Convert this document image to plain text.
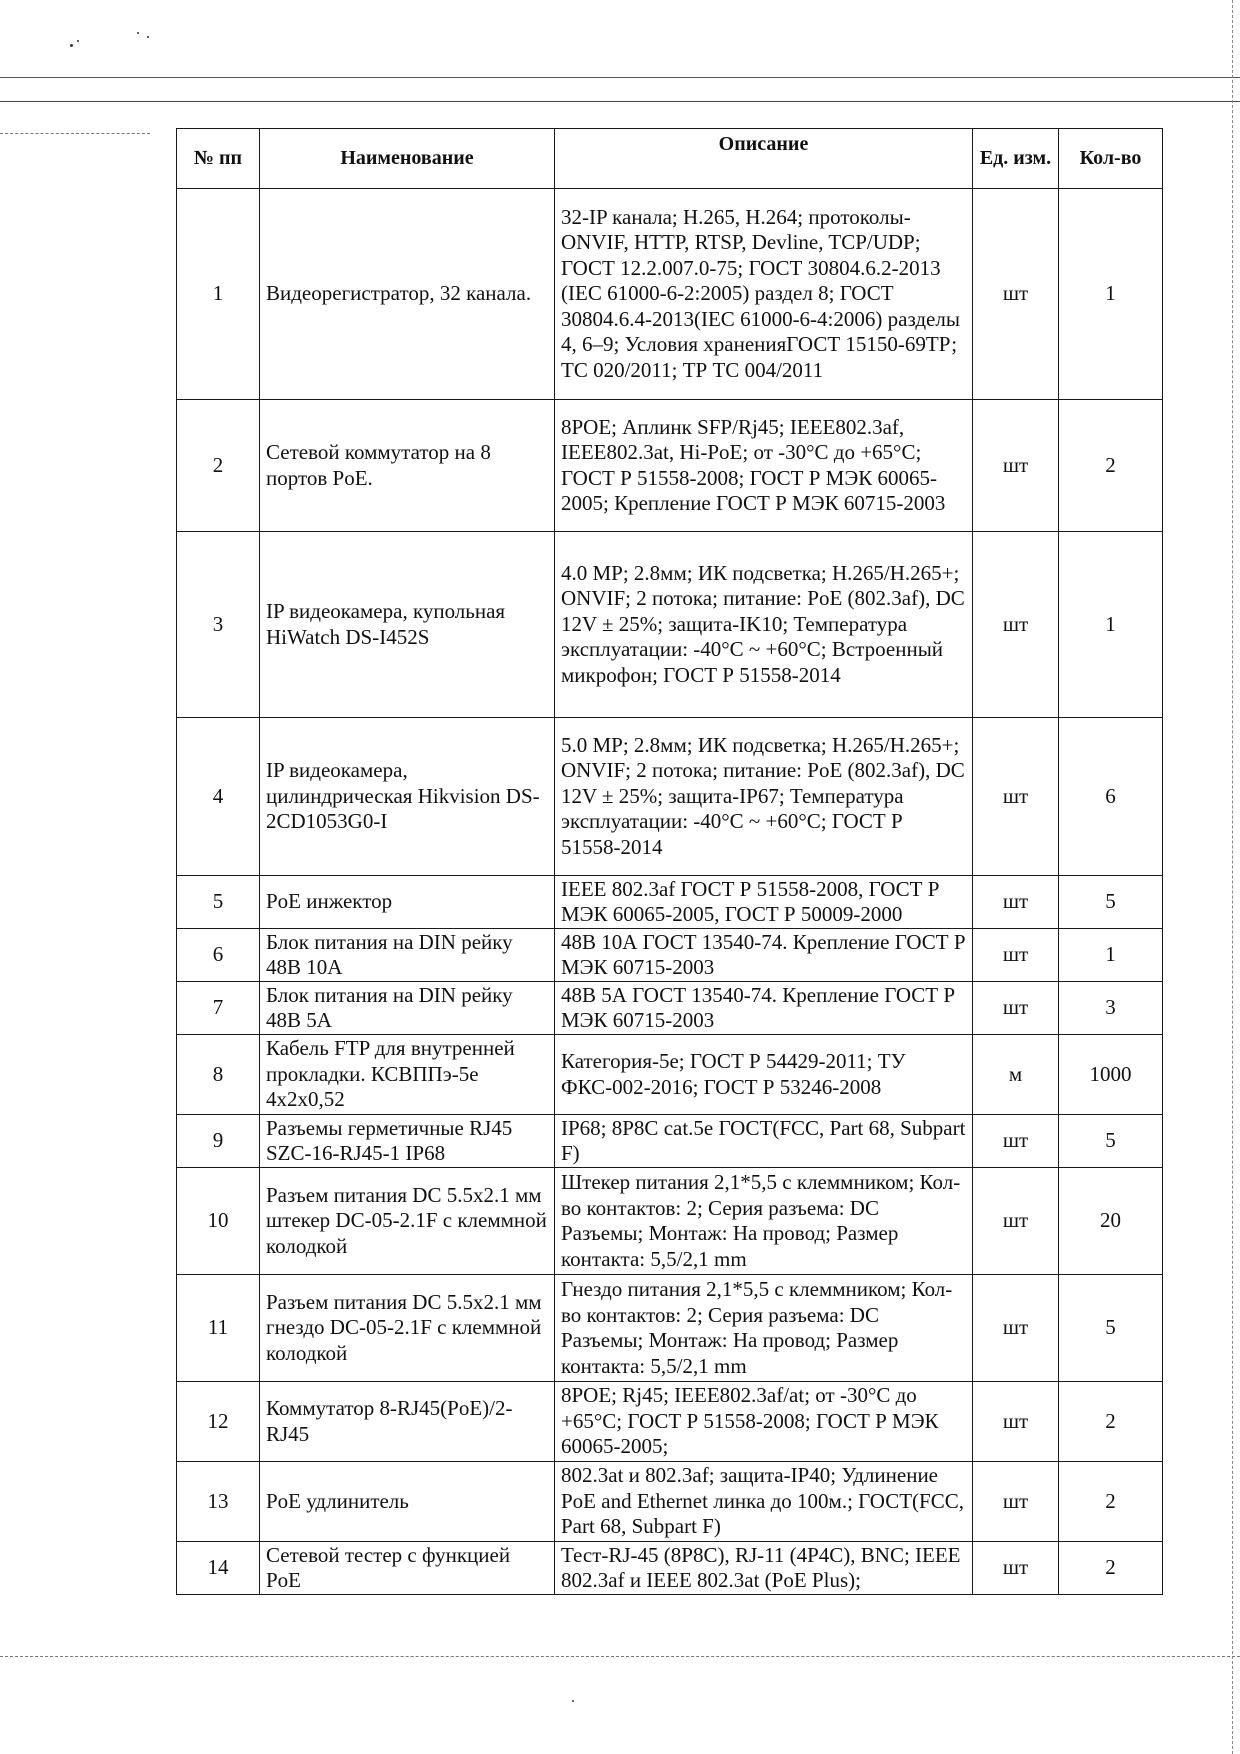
№ пп	Наименование	Описание	Ед. изм.	Кол-во
1	Видеорегистратор, 32 канала.	32-IP канала; H.265, H.264; протоколы-ONVIF, HTTP, RTSP, Devline, TCP/UDP; ГОСТ 12.2.007.0-75; ГОСТ 30804.6.2-2013 (IEC 61000-6-2:2005) раздел 8; ГОСТ 30804.6.4-2013(IEC 61000-6-4:2006) разделы 4, 6–9; Условия храненияГОСТ 15150-69ТР; ТС 020/2011; ТР ТС 004/2011	шт	1
2	Сетевой коммутатор на 8 портов PoE.	8POE; Аплинк SFP/Rj45; IEEE802.3af, IEEE802.3at, Hi-PoE; от -30°C до +65°C; ГОСТ Р 51558-2008; ГОСТ Р МЭК 60065-2005; Крепление ГОСТ Р МЭК 60715-2003	шт	2
3	IP видеокамера, купольная HiWatch DS-I452S	4.0 MP; 2.8мм; ИК подсветка; H.265/H.265+; ONVIF; 2 потока; питание: PoE (802.3af), DC 12V ± 25%; защита-IK10; Температура эксплуатации: -40°C ~ +60°C; Встроенный микрофон; ГОСТ Р 51558-2014	шт	1
4	IP видеокамера, цилиндрическая Hikvision DS-2CD1053G0-I	5.0 MP; 2.8мм; ИК подсветка; H.265/H.265+; ONVIF; 2 потока; питание: PoE (802.3af), DC 12V ± 25%; защита-IP67; Температура эксплуатации: -40°C ~ +60°C; ГОСТ Р 51558-2014	шт	6
5	PoE инжектор	IEEE 802.3af ГОСТ Р 51558-2008, ГОСТ Р МЭК 60065-2005, ГОСТ Р 50009-2000	шт	5
6	Блок питания на DIN рейку 48В 10А	48В 10А ГОСТ 13540-74. Крепление ГОСТ Р МЭК 60715-2003	шт	1
7	Блок питания на DIN рейку 48В 5А	48В 5А ГОСТ 13540-74. Крепление ГОСТ Р МЭК 60715-2003	шт	3
8	Кабель FTP для внутренней прокладки. КСВППэ-5е 4х2х0,52	Категория-5е; ГОСТ Р 54429-2011; ТУ ФКС-002-2016; ГОСТ Р 53246-2008	м	1000
9	Разъемы герметичные RJ45 SZC-16-RJ45-1 IP68	IP68; 8P8C cat.5e ГОСТ(FCC, Part 68, Subpart F)	шт	5
10	Разъем питания DC 5.5х2.1 мм штекер DC-05-2.1F с клеммной колодкой	Штекер питания 2,1*5,5 с клеммником; Кол-во контактов: 2; Серия разъема: DC Разъемы; Монтаж: На провод; Размер контакта: 5,5/2,1 mm	шт	20
11	Разъем питания DC 5.5х2.1 мм гнездо DC-05-2.1F с клеммной колодкой	Гнездо питания 2,1*5,5 с клеммником; Кол-во контактов: 2; Серия разъема: DC Разъемы; Монтаж: На провод; Размер контакта: 5,5/2,1 mm	шт	5
12	Коммутатор 8-RJ45(PoE)/2-RJ45	8POE; Rj45; IEEE802.3af/at; от -30°C до +65°C; ГОСТ Р 51558-2008; ГОСТ Р МЭК 60065-2005;	шт	2
13	PoE удлинитель	802.3at и 802.3af; защита-IP40; Удлинение PoE and Ethernet линка до 100м.; ГОСТ(FCC, Part 68, Subpart F)	шт	2
14	Сетевой тестер с функцией PoE	Тест-RJ-45 (8P8C), RJ-11 (4P4C), BNC; IEEE 802.3af и IEEE 802.3at (PoE Plus);	шт	2
